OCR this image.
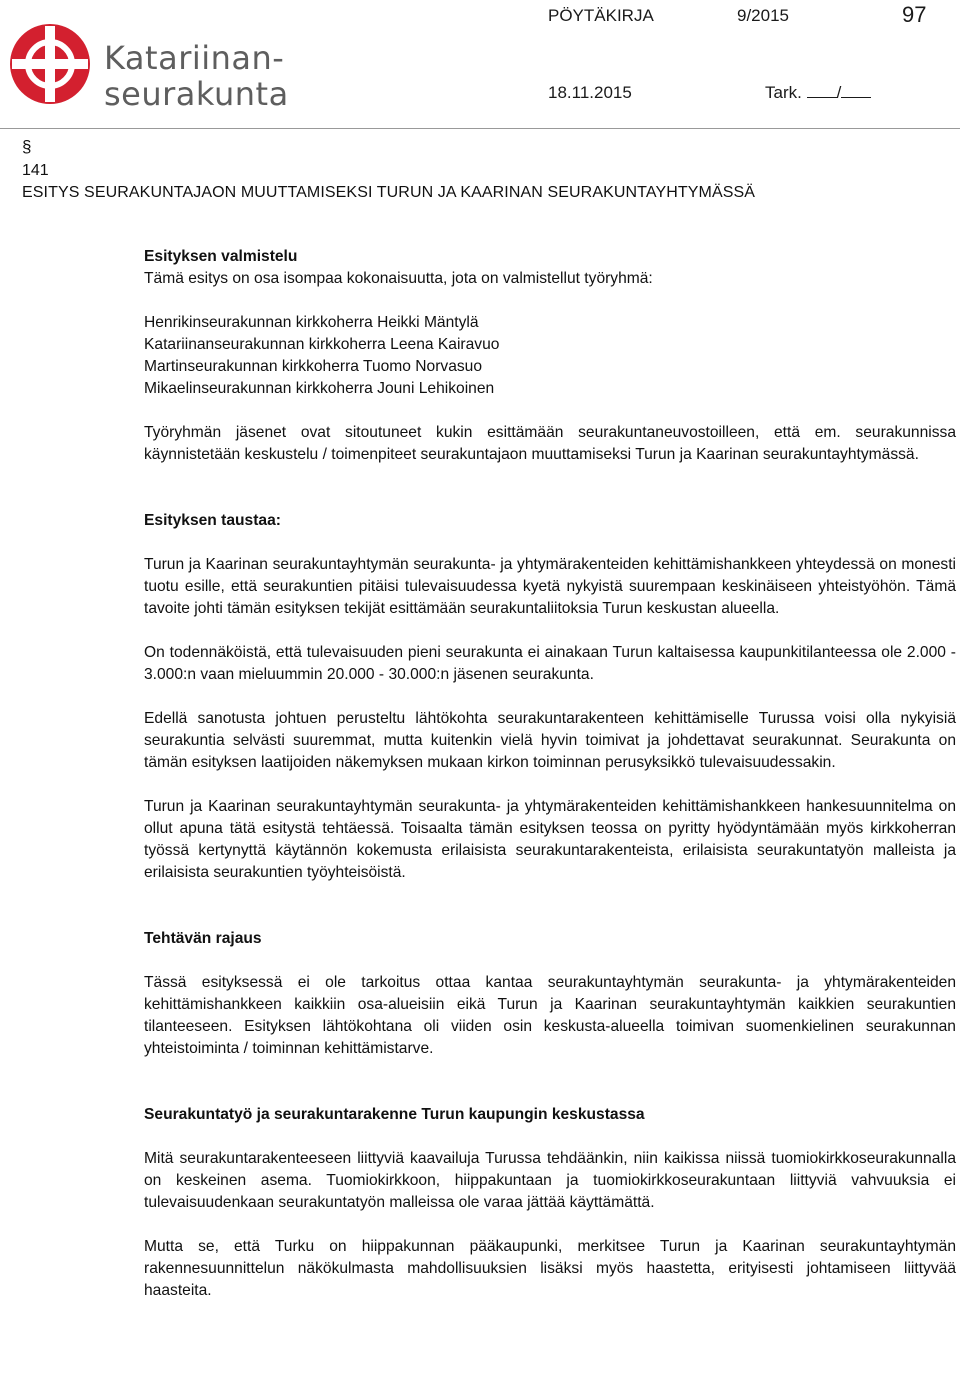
Katariinan-
seurakunta
PÖYTÄKIRJA	9/2015	97
18.11.2015	Tark. /
§
141
ESITYS SEURAKUNTAJAON MUUTTAMISEKSI TURUN JA KAARINAN SEURAKUNTAYHTYMÄSSÄ

Esityksen valmistelu

Tämä esitys on osa isompaa kokonaisuutta, jota on valmistellut työryhmä:

Henrikinseurakunnan kirkkoherra Heikki Mäntylä
Katariinanseurakunnan kirkkoherra Leena Kairavuo
Martinseurakunnan kirkkoherra Tuomo Norvasuo
Mikaelinseurakunnan kirkkoherra Jouni Lehikoinen

Työryhmän jäsenet ovat sitoutuneet kukin esittämään seurakuntaneuvostoilleen, että em. seurakunnissa käynnistetään keskustelu / toimenpiteet seurakuntajaon muuttamiseksi Turun ja Kaarinan seurakuntayhtymässä.

Esityksen taustaa:

Turun ja Kaarinan seurakuntayhtymän seurakunta- ja yhtymärakenteiden kehittämishankkeen yhteydessä on monesti tuotu esille, että seurakuntien pitäisi tulevaisuudessa kyetä nykyistä suurempaan keskinäiseen yhteistyöhön. Tämä tavoite johti tämän esityksen tekijät esittämään seurakuntaliitoksia Turun keskustan alueella.

On todennäköistä, että tulevaisuuden pieni seurakunta ei ainakaan Turun kaltaisessa kaupunkitilanteessa ole 2.000 - 3.000:n vaan mieluummin 20.000 - 30.000:n jäsenen seurakunta.

Edellä sanotusta johtuen perusteltu lähtökohta seurakuntarakenteen kehittämiselle Turussa voisi olla nykyisiä seurakuntia selvästi suuremmat, mutta kuitenkin vielä hyvin toimivat ja johdettavat seurakunnat. Seurakunta on tämän esityksen laatijoiden näkemyksen mukaan kirkon toiminnan perusyksikkö tulevaisuudessakin.

Turun ja Kaarinan seurakuntayhtymän seurakunta- ja yhtymärakenteiden kehittämishankkeen hankesuunnitelma on ollut apuna tätä esitystä tehtäessä. Toisaalta tämän esityksen teossa on pyritty hyödyntämään myös kirkkoherran työssä kertynyttä käytännön kokemusta erilaisista seurakuntarakenteista, erilaisista seurakuntatyön malleista ja erilaisista seurakuntien työyhteisöistä.

Tehtävän rajaus

Tässä esityksessä ei ole tarkoitus ottaa kantaa seurakuntayhtymän seurakunta- ja yhtymärakenteiden kehittämishankkeen kaikkiin osa-alueisiin eikä Turun ja Kaarinan seurakuntayhtymän kaikkien seurakuntien tilanteeseen. Esityksen lähtökohtana oli viiden osin keskusta-alueella toimivan suomenkielinen seurakunnan yhteistoiminta / toiminnan kehittämistarve.

Seurakuntatyö ja seurakuntarakenne Turun kaupungin keskustassa

Mitä seurakuntarakenteeseen liittyviä kaavailuja Turussa tehdäänkin, niin kaikissa niissä tuomiokirkkoseurakunnalla on keskeinen asema. Tuomiokirkkoon, hiippakuntaan ja tuomiokirkkoseurakuntaan liittyviä vahvuuksia ei tulevaisuudenkaan seurakuntatyön malleissa ole varaa jättää käyttämättä.

Mutta se, että Turku on hiippakunnan pääkaupunki, merkitsee Turun ja Kaarinan seurakuntayhtymän rakennesuunnittelun näkökulmasta mahdollisuuksien lisäksi myös haastetta, erityisesti johtamiseen liittyvää haasteita.
